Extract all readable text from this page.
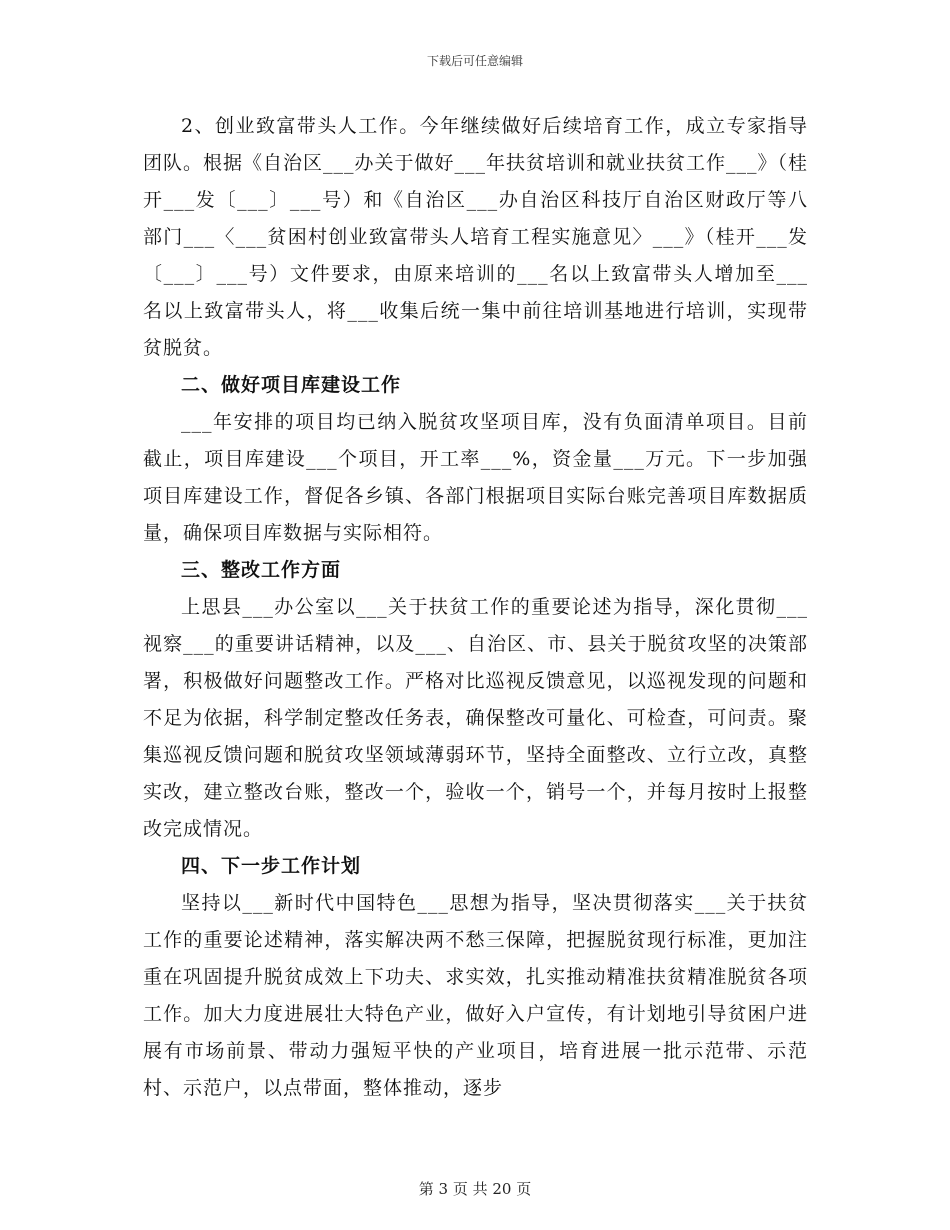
下载后可任意编辑

2、创业致富带头人工作。今年继续做好后续培育工作，成立专家指导团队。根据《自治区___办关于做好___年扶贫培训和就业扶贫工作___》（桂开___发〔___〕___号）和《自治区___办自治区科技厅自治区财政厅等八部门___〈___贫困村创业致富带头人培育工程实施意见〉___》（桂开___发〔___〕___号）文件要求，由原来培训的___名以上致富带头人增加至___名以上致富带头人，将___收集后统一集中前往培训基地进行培训，实现带贫脱贫。

二、做好项目库建设工作

___年安排的项目均已纳入脱贫攻坚项目库，没有负面清单项目。目前截止，项目库建设___个项目，开工率___%，资金量___万元。下一步加强项目库建设工作，督促各乡镇、各部门根据项目实际台账完善项目库数据质量，确保项目库数据与实际相符。

三、整改工作方面

上思县___办公室以___关于扶贫工作的重要论述为指导，深化贯彻___视察___的重要讲话精神，以及___、自治区、市、县关于脱贫攻坚的决策部署，积极做好问题整改工作。严格对比巡视反馈意见，以巡视发现的问题和不足为依据，科学制定整改任务表，确保整改可量化、可检查，可问责。聚集巡视反馈问题和脱贫攻坚领域薄弱环节，坚持全面整改、立行立改，真整实改，建立整改台账，整改一个，验收一个，销号一个，并每月按时上报整改完成情况。

四、下一步工作计划

坚持以___新时代中国特色___思想为指导，坚决贯彻落实___关于扶贫工作的重要论述精神，落实解决两不愁三保障，把握脱贫现行标准，更加注重在巩固提升脱贫成效上下功夫、求实效，扎实推动精准扶贫精准脱贫各项工作。加大力度进展壮大特色产业，做好入户宣传，有计划地引导贫困户进展有市场前景、带动力强短平快的产业项目，培育进展一批示范带、示范村、示范户，以点带面，整体推动，逐步

第 3 页 共 20 页
